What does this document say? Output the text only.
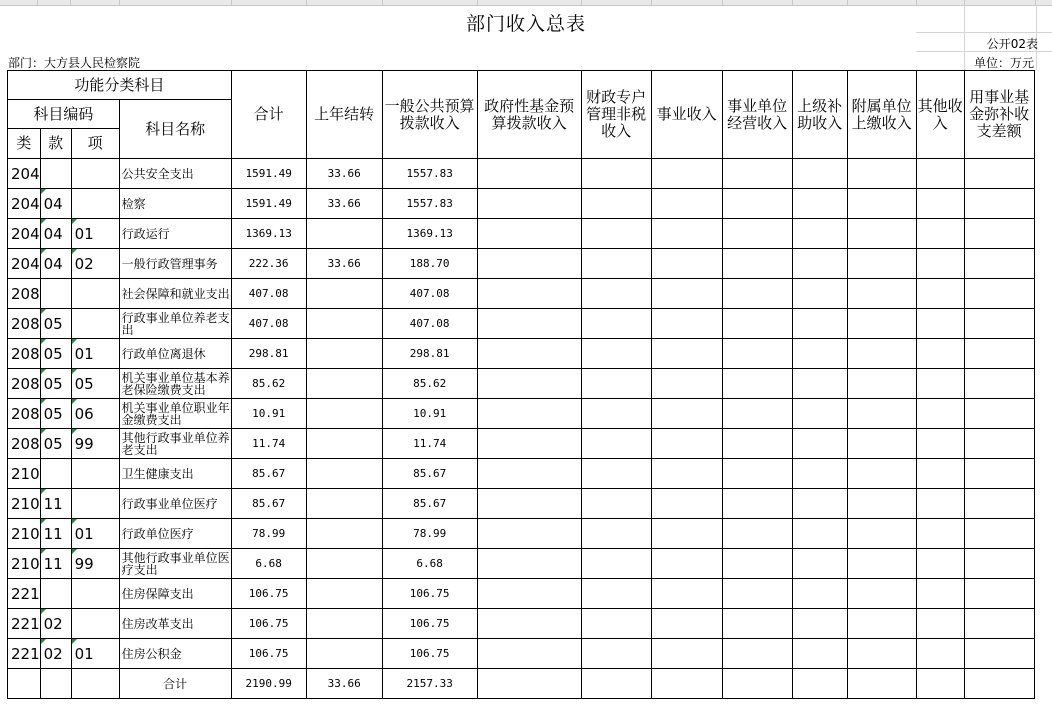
部门收入总表
公开02表
部门：大方县人民检察院	单位：万元
功能分类科目				合计	上年结转	一般公共预算拨款收入	政府性基金预算拨款收入	财政专户管理非税收入	事业收入	事业单位经营收入	上级补助收入	附属单位上缴收入	其他收入	用事业基金弥补收支差额
科目编码			科目名称											
类	款	项												
204			公共安全支出	1591.49	33.66	1557.83								
204	04		检察	1591.49	33.66	1557.83								
204	04	01	行政运行	1369.13		1369.13								
204	04	02	一般行政管理事务	222.36	33.66	188.70								
208			社会保障和就业支出	407.08		407.08								
208	05		行政事业单位养老支出	407.08		407.08								
208	05	01	行政单位离退休	298.81		298.81								
208	05	05	机关事业单位基本养老保险缴费支出	85.62		85.62								
208	05	06	机关事业单位职业年金缴费支出	10.91		10.91								
208	05	99	其他行政事业单位养老支出	11.74		11.74								
210			卫生健康支出	85.67		85.67								
210	11		行政事业单位医疗	85.67		85.67								
210	11	01	行政单位医疗	78.99		78.99								
210	11	99	其他行政事业单位医疗支出	6.68		6.68								
221			住房保障支出	106.75		106.75								
221	02		住房改革支出	106.75		106.75								
221	02	01	住房公积金	106.75		106.75								
			合计	2190.99	33.66	2157.33								
